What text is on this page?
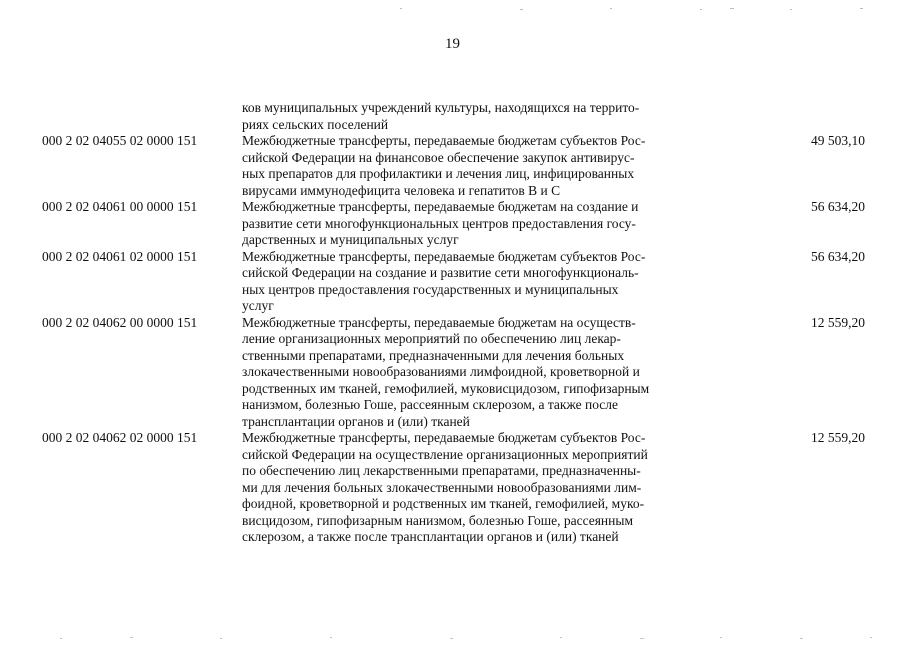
19
ков муниципальных учреждений культуры, находящихся на террито-
риях сельских поселений
000 2 02 04055 02 0000 151	Межбюджетные трансферты, передаваемые бюджетам субъектов Рос-
сийской Федерации на финансовое обеспечение закупок антивирус-
ных препаратов для профилактики и лечения лиц, инфицированных
вирусами иммунодефицита человека и гепатитов В и С
49 503,10
000 2 02 04061 00 0000 151	Межбюджетные трансферты, передаваемые бюджетам на создание и
развитие сети многофункциональных центров предоставления госу-
дарственных и муниципальных услуг
56 634,20
000 2 02 04061 02 0000 151	Межбюджетные трансферты, передаваемые бюджетам субъектов Рос-
сийской Федерации на создание и развитие сети многофункциональ-
ных центров предоставления государственных и муниципальных
услуг
56 634,20
000 2 02 04062 00 0000 151	Межбюджетные трансферты, передаваемые бюджетам на осуществ-
ление организационных мероприятий по обеспечению лиц лекар-
ственными препаратами, предназначенными для лечения больных
злокачественными новообразованиями лимфоидной, кроветворной и
родственных им тканей, гемофилией, муковисцидозом, гипофизарным
нанизмом, болезнью Гоше, рассеянным склерозом, а также после
трансплантации органов и (или) тканей
12 559,20
000 2 02 04062 02 0000 151	Межбюджетные трансферты, передаваемые бюджетам субъектов Рос-
сийской Федерации на осуществление организационных мероприятий
по обеспечению лиц лекарственными препаратами, предназначенны-
ми для лечения больных злокачественными новообразованиями лим-
фоидной, кроветворной и родственных им тканей, гемофилией, муко-
висцидозом, гипофизарным нанизмом, болезнью Гоше, рассеянным
склерозом, а также после трансплантации органов и (или) тканей
12 559,20
